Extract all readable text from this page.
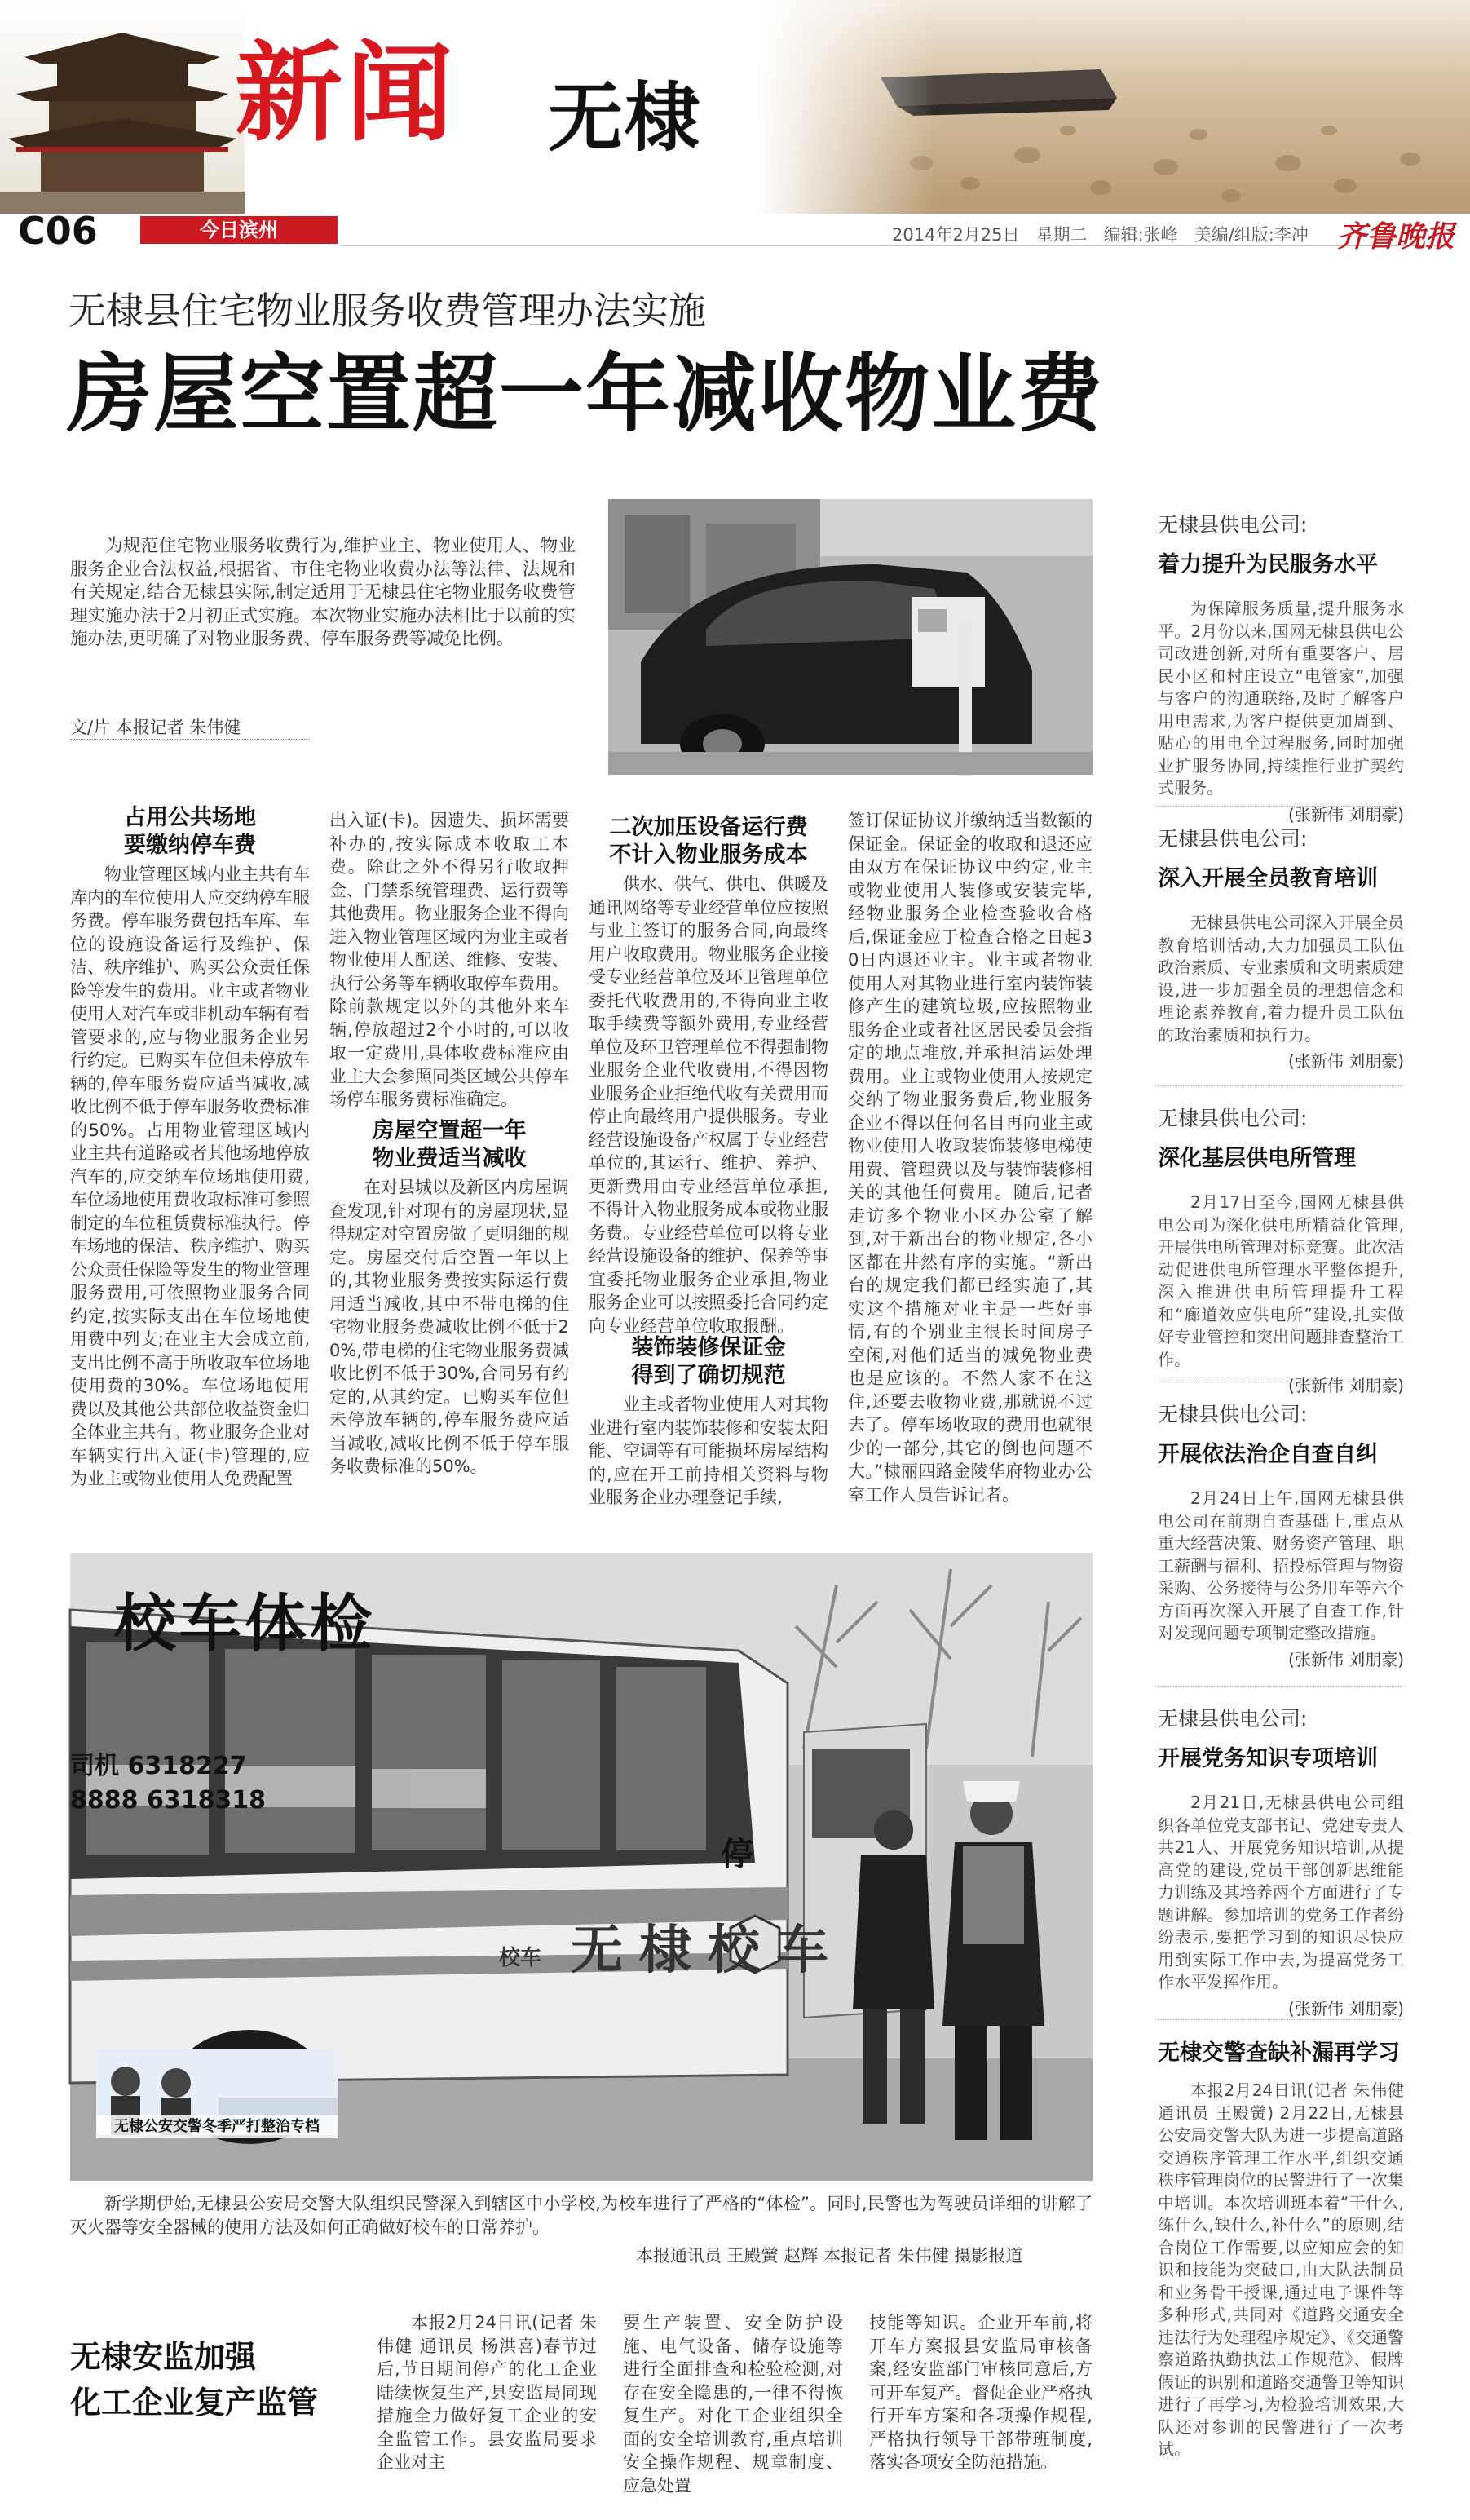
新闻 无棣
C06	今日滨州	2014年2月25日 星期二 编辑:张峰 美编/组版:李冲 齐鲁晚报
无棣县住宅物业服务收费管理办法实施
房屋空置超一年减收物业费
为规范住宅物业服务收费行为,维护业主、物业使用人、物业服务企业合法权益,根据省、市住宅物业收费办法等法律、法规和有关规定,结合无棣县实际,制定适用于无棣县住宅物业服务收费管理实施办法于2月初正式实施。本次物业实施办法相比于以前的实施办法,更明确了对物业服务费、停车服务费等减免比例。
文/片 本报记者 朱伟健
占用公共场地
要缴纳停车费
物业管理区域内业主共有车库内的车位使用人应交纳停车服务费。停车服务费包括车库、车位的设施设备运行及维护、保洁、秩序维护、购买公众责任保险等发生的费用。业主或者物业使用人对汽车或非机动车辆有看管要求的,应与物业服务企业另行约定。已购买车位但未停放车辆的,停车服务费应适当减收,减收比例不低于停车服务收费标准的50%。占用物业管理区域内业主共有道路或者其他场地停放汽车的,应交纳车位场地使用费,车位场地使用费收取标准可参照制定的车位租赁费标准执行。停车场地的保洁、秩序维护、购买公众责任保险等发生的物业管理服务费用,可依照物业服务合同约定,按实际支出在车位场地使用费中列支;在业主大会成立前,支出比例不高于所收取车位场地使用费的30%。车位场地使用费以及其他公共部位收益资金归全体业主共有。物业服务企业对车辆实行出入证(卡)管理的,应为业主或物业使用人免费配置
出入证(卡)。因遗失、损坏需要补办的,按实际成本收取工本费。除此之外不得另行收取押金、门禁系统管理费、运行费等其他费用。物业服务企业不得向进入物业管理区域内为业主或者物业使用人配送、维修、安装、执行公务等车辆收取停车费用。除前款规定以外的其他外来车辆,停放超过2个小时的,可以收取一定费用,具体收费标准应由业主大会参照同类区域公共停车场停车服务费标准确定。
房屋空置超一年
物业费适当减收
在对县城以及新区内房屋调查发现,针对现有的房屋现状,显得规定对空置房做了更明细的规定。房屋交付后空置一年以上的,其物业服务费按实际运行费用适当减收,其中不带电梯的住宅物业服务费减收比例不低于20%,带电梯的住宅物业服务费减收比例不低于30%,合同另有约定的,从其约定。已购买车位但未停放车辆的,停车服务费应适当减收,减收比例不低于停车服务收费标准的50%。
二次加压设备运行费
不计入物业服务成本
供水、供气、供电、供暖及通讯网络等专业经营单位应按照与业主签订的服务合同,向最终用户收取费用。物业服务企业接受专业经营单位及环卫管理单位委托代收费用的,不得向业主收取手续费等额外费用,专业经营单位及环卫管理单位不得强制物业服务企业代收费用,不得因物业服务企业拒绝代收有关费用而停止向最终用户提供服务。专业经营设施设备产权属于专业经营单位的,其运行、维护、养护、更新费用由专业经营单位承担,不得计入物业服务成本或物业服务费。专业经营单位可以将专业经营设施设备的维护、保养等事宜委托物业服务企业承担,物业服务企业可以按照委托合同约定向专业经营单位收取报酬。
装饰装修保证金
得到了确切规范
业主或者物业使用人对其物业进行室内装饰装修和安装太阳能、空调等有可能损坏房屋结构的,应在开工前持相关资料与物业服务企业办理登记手续,
签订保证协议并缴纳适当数额的保证金。保证金的收取和退还应由双方在保证协议中约定,业主或物业使用人装修或安装完毕,经物业服务企业检查验收合格后,保证金应于检查合格之日起30日内退还业主。业主或者物业使用人对其物业进行室内装饰装修产生的建筑垃圾,应按照物业服务企业或者社区居民委员会指定的地点堆放,并承担清运处理费用。业主或物业使用人按规定交纳了物业服务费后,物业服务企业不得以任何名目再向业主或物业使用人收取装饰装修电梯使用费、管理费以及与装饰装修相关的其他任何费用。随后,记者走访多个物业小区办公室了解到,对于新出台的物业规定,各小区都在井然有序的实施。“新出台的规定我们都已经实施了,其实这个措施对业主是一些好事情,有的个别业主很长时间房子空闲,对他们适当的减免物业费也是应该的。不然人家不在这住,还要去收物业费,那就说不过去了。停车场收取的费用也就很少的一部分,其它的倒也问题不大。”棣丽四路金陵华府物业办公室工作人员告诉记者。
校车体检
司机 6318227
8888 6318318
停
无棣校车
校车
无棣公安交警冬季严打整治专档
新学期伊始,无棣县公安局交警大队组织民警深入到辖区中小学校,为校车进行了严格的“体检”。同时,民警也为驾驶员详细的讲解了灭火器等安全器械的使用方法及如何正确做好校车的日常养护。
本报通讯员 王殿黉 赵辉 本报记者 朱伟健 摄影报道
无棣安监加强
化工企业复产监管
本报2月24日讯(记者 朱伟健 通讯员 杨洪喜)春节过后,节日期间停产的化工企业陆续恢复生产,县安监局同现措施全力做好复工企业的安全监管工作。县安监局要求企业对主
要生产装置、安全防护设施、电气设备、储存设施等进行全面排查和检验检测,对存在安全隐患的,一律不得恢复生产。对化工企业组织全面的安全培训教育,重点培训安全操作规程、规章制度、应急处置
技能等知识。企业开车前,将开车方案报县安监局审核备案,经安监部门审核同意后,方可开车复产。督促企业严格执行开车方案和各项操作规程,严格执行领导干部带班制度,落实各项安全防范措施。
无棣县供电公司:
着力提升为民服务水平
为保障服务质量,提升服务水平。2月份以来,国网无棣县供电公司改进创新,对所有重要客户、居民小区和村庄设立“电管家”,加强与客户的沟通联络,及时了解客户用电需求,为客户提供更加周到、贴心的用电全过程服务,同时加强业扩服务协同,持续推行业扩契约式服务。
(张新伟 刘朋豪)
无棣县供电公司:
深入开展全员教育培训
无棣县供电公司深入开展全员教育培训活动,大力加强员工队伍政治素质、专业素质和文明素质建设,进一步加强全员的理想信念和理论素养教育,着力提升员工队伍的政治素质和执行力。
(张新伟 刘朋豪)
无棣县供电公司:
深化基层供电所管理
2月17日至今,国网无棣县供电公司为深化供电所精益化管理,开展供电所管理对标竞赛。此次活动促进供电所管理水平整体提升,深入推进供电所管理提升工程和“廊道效应供电所”建设,扎实做好专业管控和突出问题排查整治工作。
(张新伟 刘朋豪)
无棣县供电公司:
开展依法治企自查自纠
2月24日上午,国网无棣县供电公司在前期自查基础上,重点从重大经营决策、财务资产管理、职工薪酬与福利、招投标管理与物资采购、公务接待与公务用车等六个方面再次深入开展了自查工作,针对发现问题专项制定整改措施。
(张新伟 刘朋豪)
无棣县供电公司:
开展党务知识专项培训
2月21日,无棣县供电公司组织各单位党支部书记、党建专责人共21人、开展党务知识培训,从提高党的建设,党员干部创新思维能力训练及其培养两个方面进行了专题讲解。参加培训的党务工作者纷纷表示,要把学习到的知识尽快应用到实际工作中去,为提高党务工作水平发挥作用。
(张新伟 刘朋豪)
无棣交警查缺补漏再学习
本报2月24日讯(记者 朱伟健 通讯员 王殿黉) 2月22日,无棣县公安局交警大队为进一步提高道路交通秩序管理工作水平,组织交通秩序管理岗位的民警进行了一次集中培训。本次培训班本着“干什么,练什么,缺什么,补什么”的原则,结合岗位工作需要,以应知应会的知识和技能为突破口,由大队法制员和业务骨干授课,通过电子课件等多种形式,共同对《道路交通安全违法行为处理程序规定》、《交通警察道路执勤执法工作规范》、假牌假证的识别和道路交通警卫等知识进行了再学习,为检验培训效果,大队还对参训的民警进行了一次考试。
